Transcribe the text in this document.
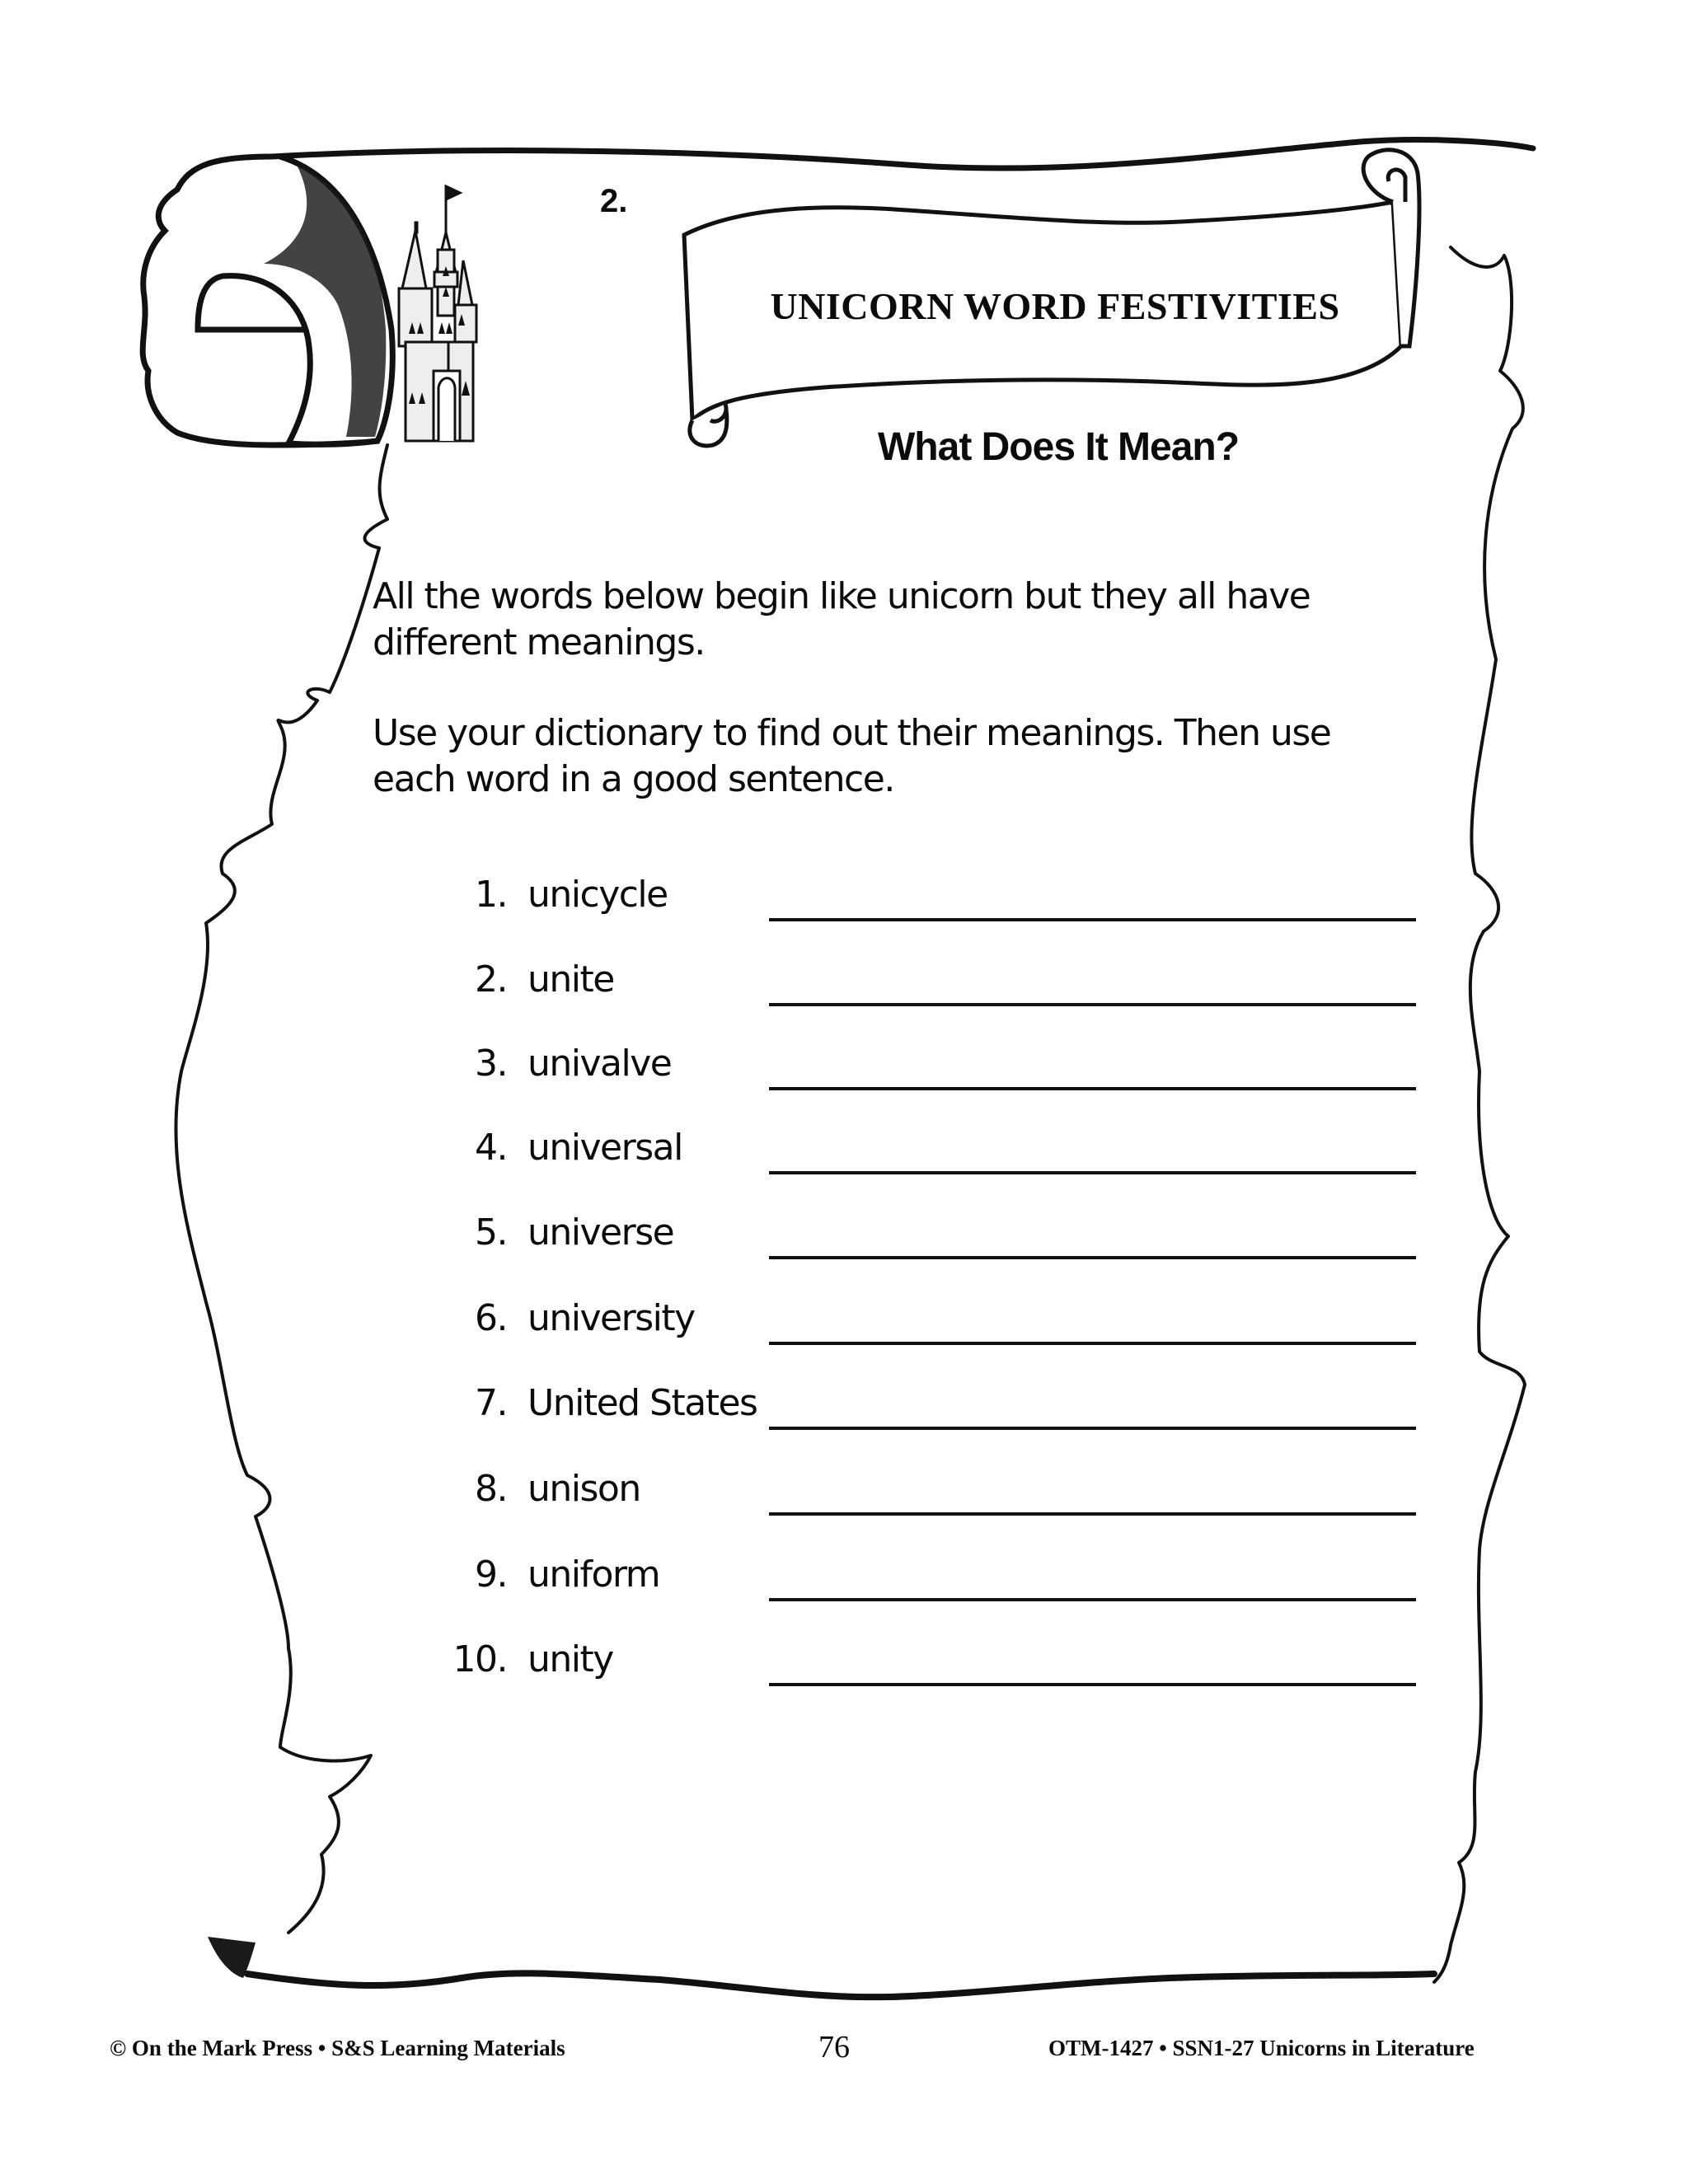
2.
UNICORN WORD FESTIVITIES
What Does It Mean?
All the words below begin like unicorn but they all have different meanings.
Use your dictionary to find out their meanings. Then use each word in a good sentence.
1. unicycle
2. unite
3. univalve
4. universal
5. universe
6. university
7. United States
8. unison
9. uniform
10. unity
© On the Mark Press • S&S Learning Materials	76	OTM-1427 • SSN1-27 Unicorns in Literature
